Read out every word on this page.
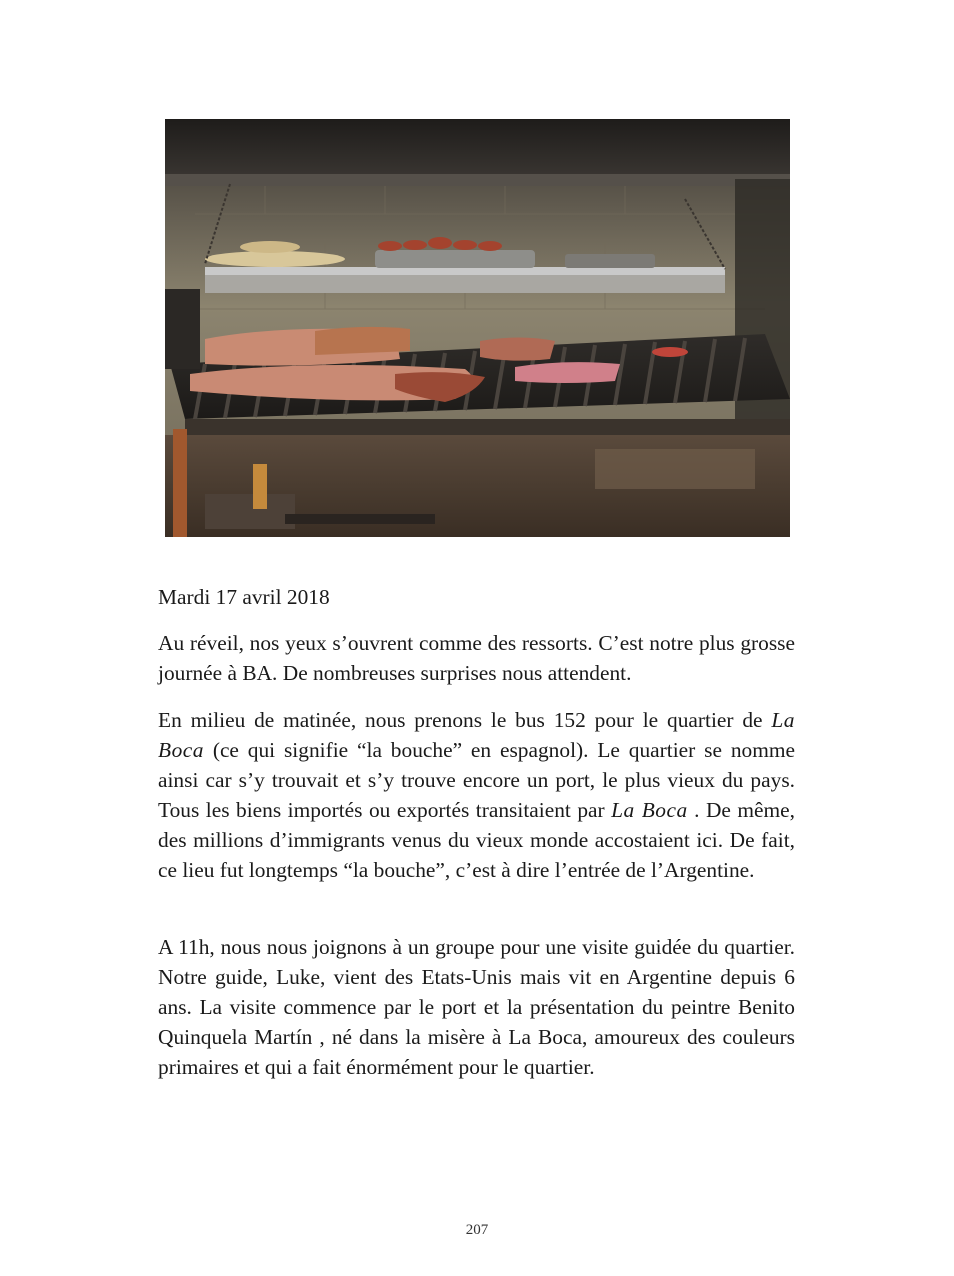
Mardi 17 avril 2018

Au réveil, nos yeux s’ouvrent comme des ressorts. C’est notre plus grosse journée à BA. De nombreuses surprises nous attendent.

En milieu de matinée, nous prenons le bus 152 pour le quartier de La Boca (ce qui signifie “la bouche” en espagnol). Le quartier se nomme ainsi car s’y trouvait et s’y trouve encore un port, le plus vieux du pays. Tous les biens importés ou exportés transitaient par La Boca . De même, des millions d’immigrants venus du vieux monde accostaient ici. De fait, ce lieu fut longtemps “la bouche”, c’est à dire l’entrée de l’Argentine.

A 11h, nous nous joignons à un groupe pour une visite guidée du quartier. Notre guide, Luke, vient des Etats-Unis mais vit en Argentine depuis 6 ans. La visite commence par le port et la présentation du peintre Benito Quinquela Martín , né dans la misère à La Boca, amoureux des couleurs primaires et qui a fait énormément pour le quartier.

207
